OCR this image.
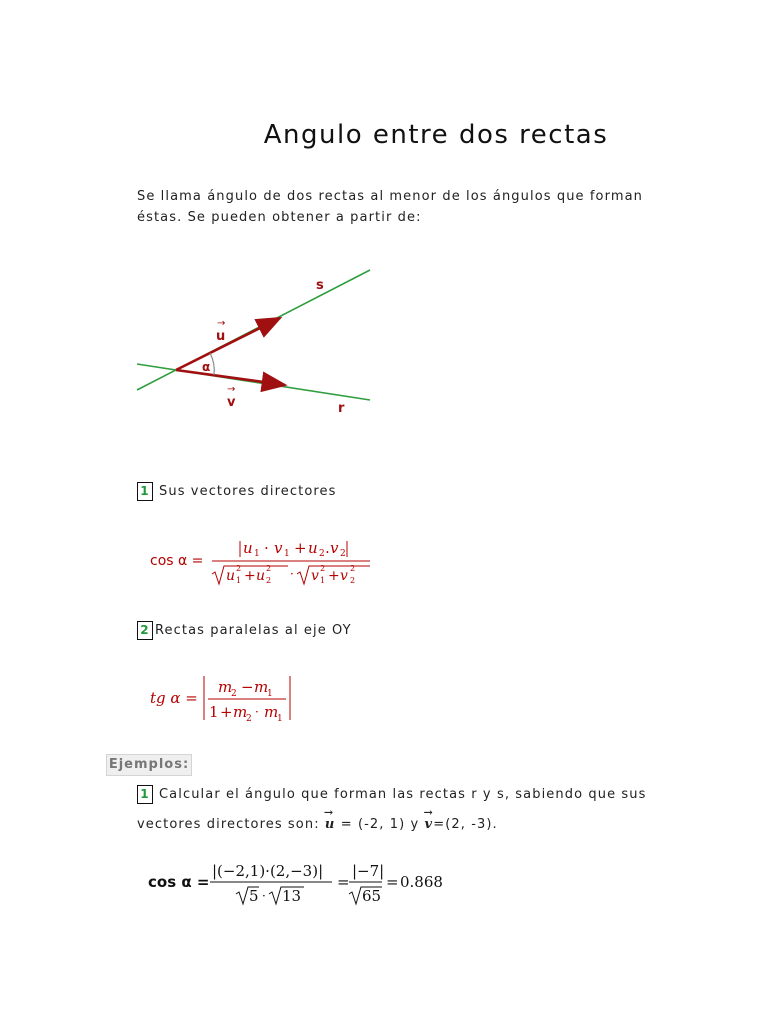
Angulo entre dos rectas
Se llama ángulo de dos rectas al menor de los ángulos que forman
éstas. Se pueden obtener a partir de:
s
r
u
→
v
→
α
1 Sus vectores directores
cos α =
u 1 · v 1 + u 2 . v 2
u 1
2 + u 2
2 · v 1
2 + v 2
2
2 Rectas paralelas al eje OY
tg α =
m
2 − m
1
1 + m
2 · m
1
Ejemplos:
1 Calcular el ángulo que forman las rectas r y s, sabiendo que sus
vectores directores son: → u = (-2, 1) y → v=(2, -3).
cos α =
|(−2,1)·(2,−3)|
5 · 13
=
|−7|
65
= 0.868
